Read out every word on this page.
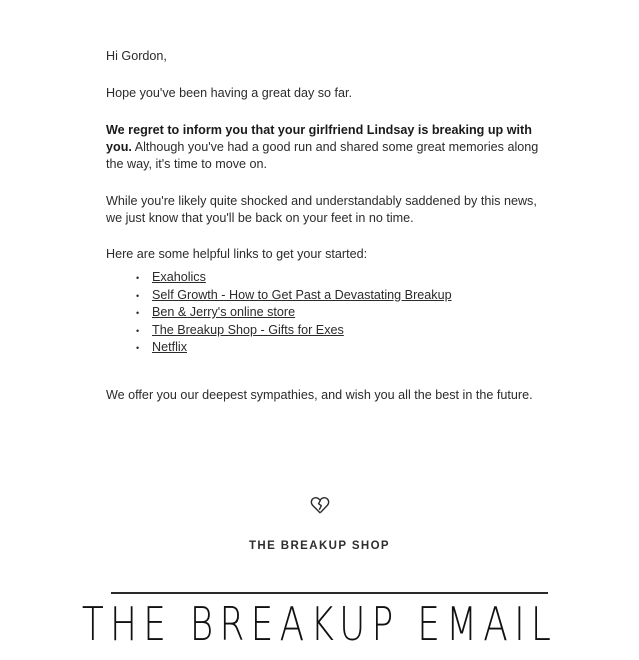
Hi Gordon,

Hope you've been having a great day so far.

We regret to inform you that your girlfriend Lindsay is breaking up with you. Although you've had a good run and shared some great memories along the way, it's time to move on.

While you're likely quite shocked and understandably saddened by this news, we just know that you'll be back on your feet in no time.

Here are some helpful links to get your started:

• Exaholics
• Self Growth - How to Get Past a Devastating Breakup
• Ben & Jerry's online store
• The Breakup Shop - Gifts for Exes
• Netflix

We offer you our deepest sympathies, and wish you all the best in the future.

THE BREAKUP SHOP
THE BREAKUP EMAIL
